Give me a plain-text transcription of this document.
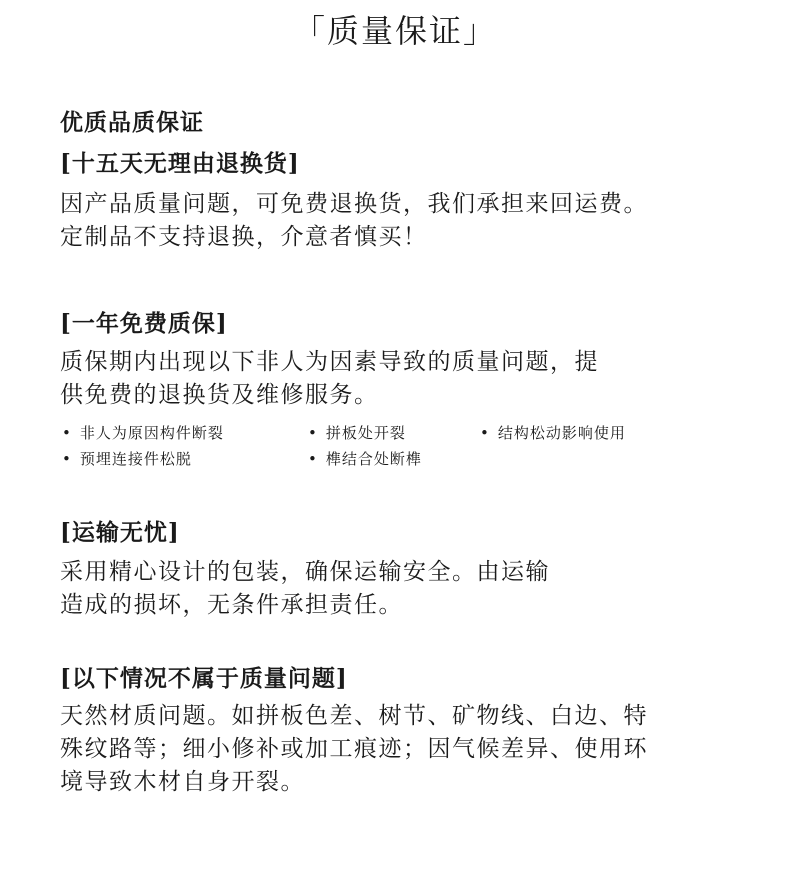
「质量保证」
优质品质保证
[十五天无理由退换货]

因产品质量问题，可免费退换货，我们承担来回运费。

定制品不支持退换，介意者慎买！

[一年免费质保]

质保期内出现以下非人为因素导致的质量问题，提

供免费的退换货及维修服务。

• 非人为原因构件断裂	• 拼板处开裂	• 结构松动影响使用
• 预埋连接件松脱	• 榫结合处断榫
[运输无忧]

采用精心设计的包装，确保运输安全。由运输

造成的损坏，无条件承担责任。

[以下情况不属于质量问题]

天然材质问题。如拼板色差、树节、矿物线、白边、特

殊纹路等；细小修补或加工痕迹；因气候差异、使用环

境导致木材自身开裂。
